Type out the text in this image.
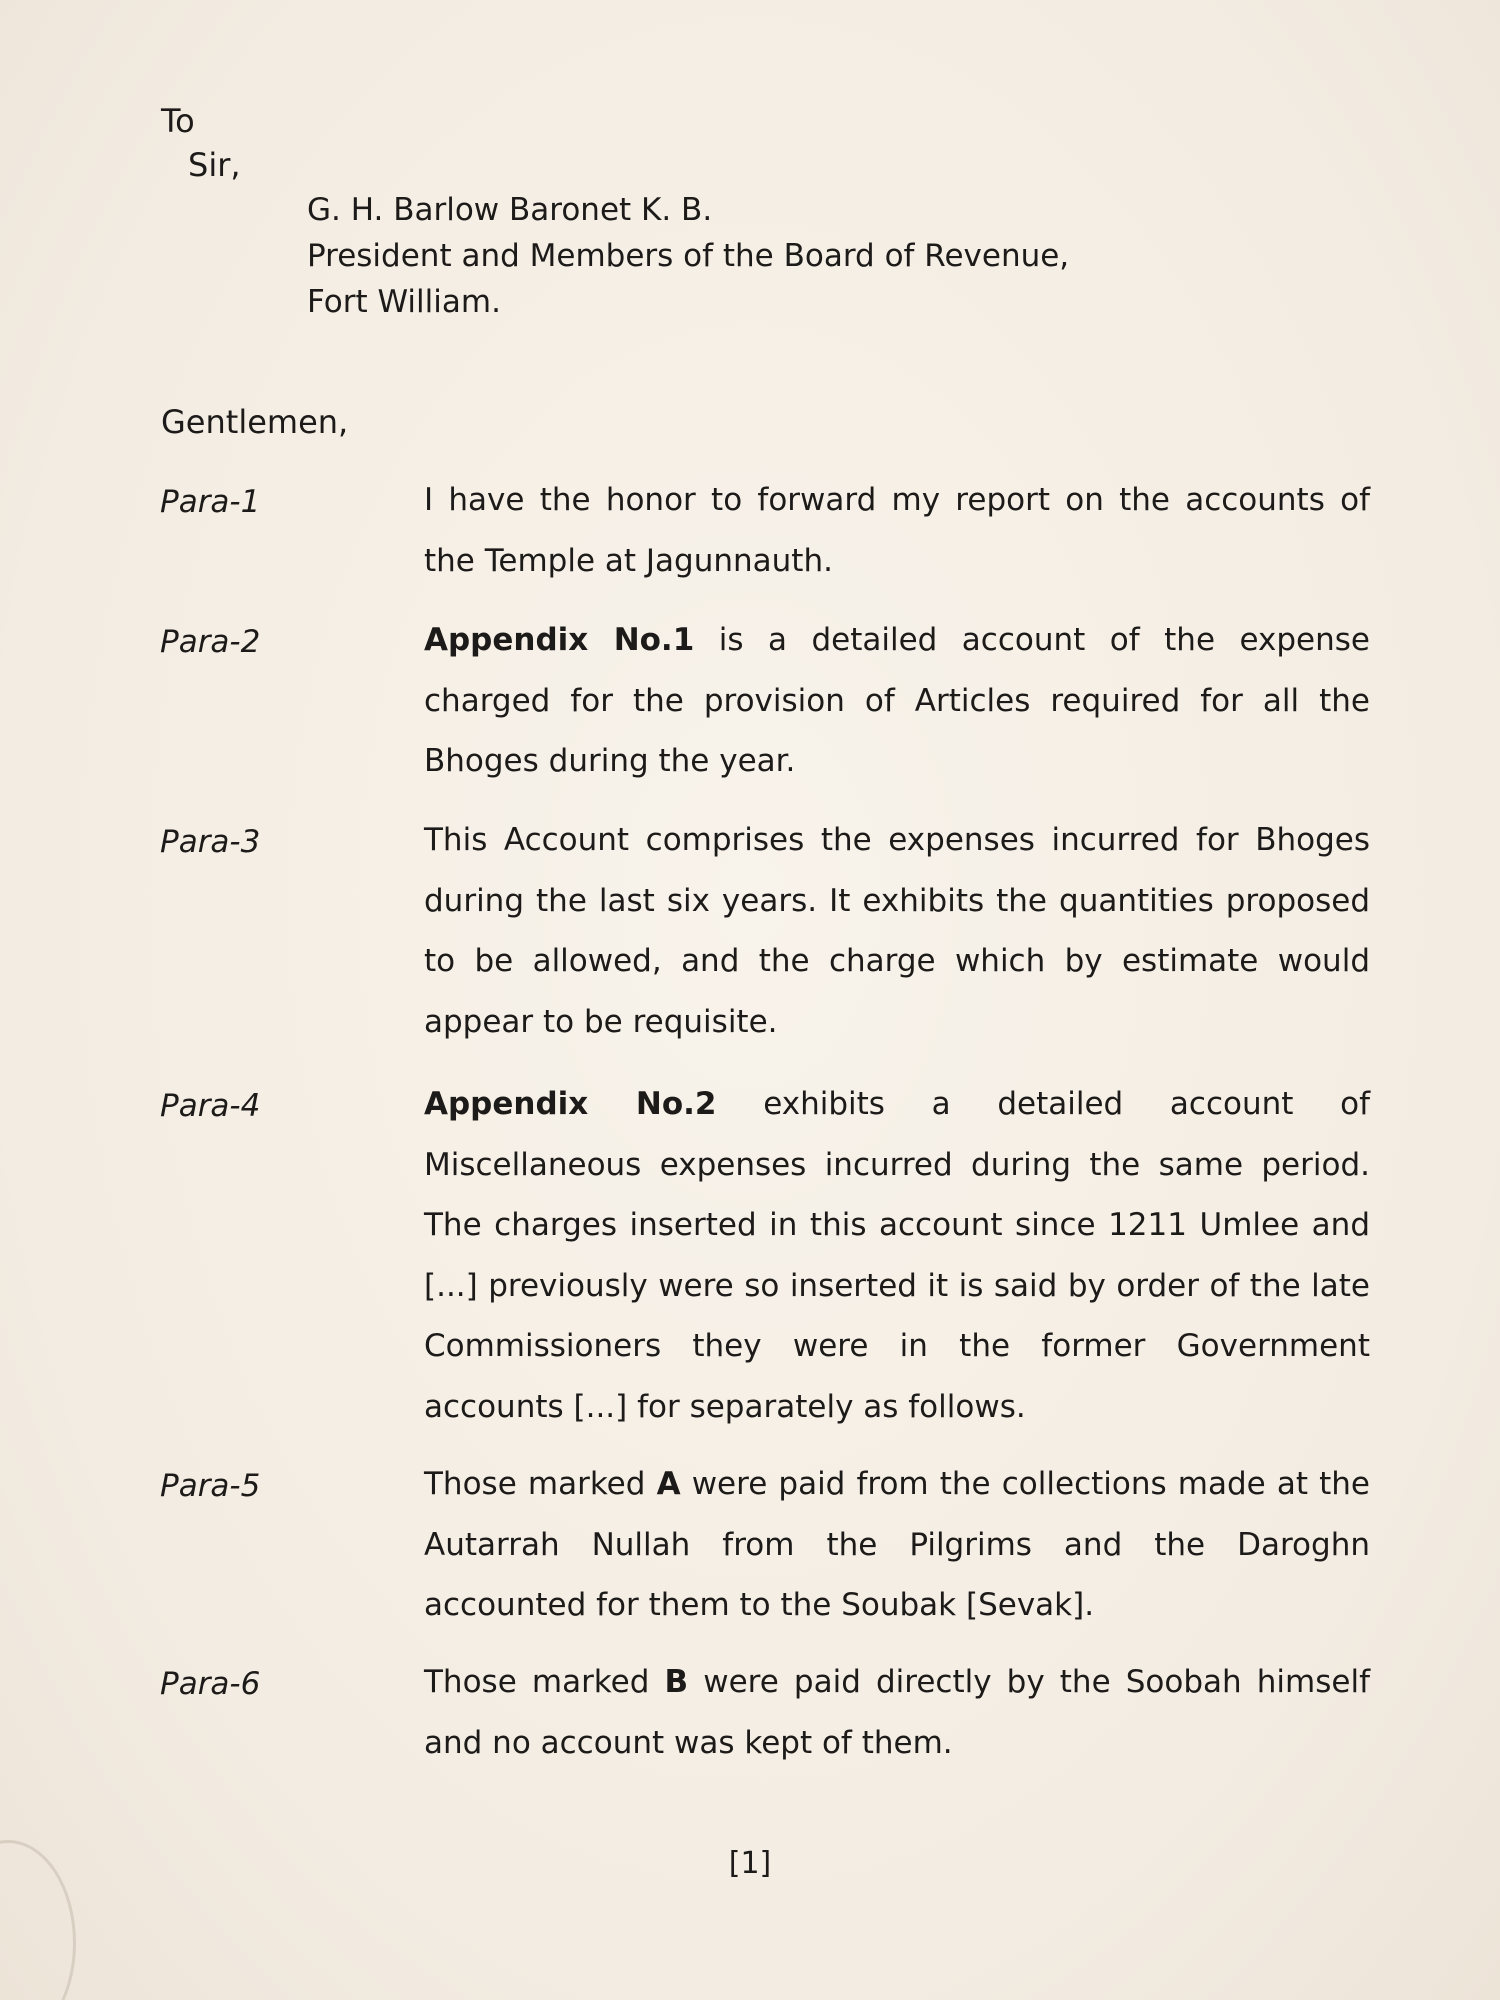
To
Sir,
G. H. Barlow Baronet K. B.
President and Members of the Board of Revenue,
Fort William.
Gentlemen,
Para-1	I have the honor to forward my report on the accounts of the Temple at Jagunnauth.
Para-2	Appendix No.1 is a detailed account of the expense charged for the provision of Articles required for all the Bhoges during the year.
Para-3	This Account comprises the expenses incurred for Bhoges during the last six years. It exhibits the quantities proposed to be allowed, and the charge which by estimate would appear to be requisite.
Para-4	Appendix No.2 exhibits a detailed account of Miscellaneous expenses incurred during the same period. The charges inserted in this account since 1211 Umlee and [...] previously were so inserted it is said by order of the late Commissioners they were in the former Government accounts [...] for separately as follows.
Para-5	Those marked A were paid from the collections made at the Autarrah Nullah from the Pilgrims and the Daroghn accounted for them to the Soubak [Sevak].
Para-6	Those marked B were paid directly by the Soobah himself and no account was kept of them.
[1]
